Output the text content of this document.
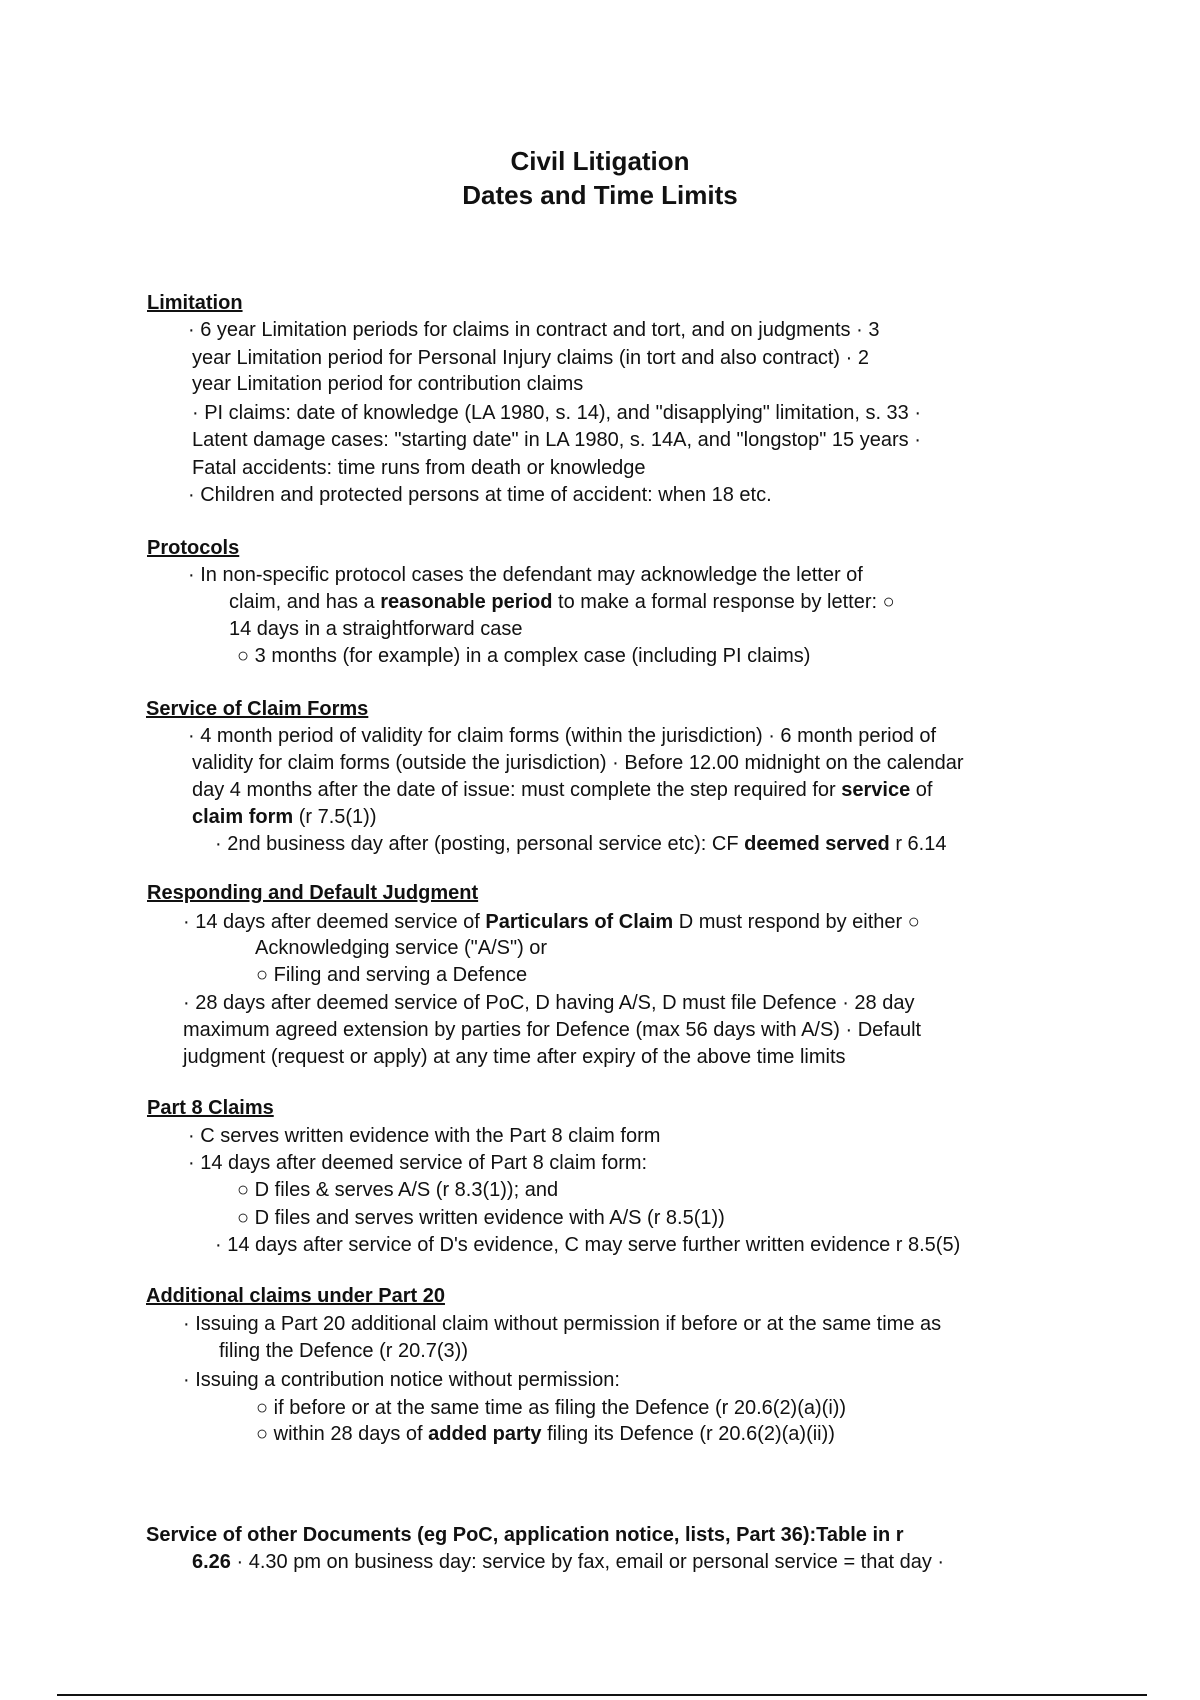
Civil Litigation
Dates and Time Limits
Limitation
· 6 year Limitation periods for claims in contract and tort, and on judgments · 3
year Limitation period for Personal Injury claims (in tort and also contract) · 2
year Limitation period for contribution claims
· PI claims: date of knowledge (LA 1980, s. 14), and "disapplying" limitation, s. 33 ·
Latent damage cases: "starting date" in LA 1980, s. 14A, and "longstop" 15 years ·
Fatal accidents: time runs from death or knowledge
· Children and protected persons at time of accident: when 18 etc.
Protocols
· In non-specific protocol cases the defendant may acknowledge the letter of
claim, and has a reasonable period to make a formal response by letter: ○
14 days in a straightforward case
○ 3 months (for example) in a complex case (including PI claims)
Service of Claim Forms
· 4 month period of validity for claim forms (within the jurisdiction) · 6 month period of
validity for claim forms (outside the jurisdiction) · Before 12.00 midnight on the calendar
day 4 months after the date of issue: must complete the step required for service of
claim form (r 7.5(1))
· 2nd business day after (posting, personal service etc): CF deemed served r 6.14
Responding and Default Judgment
· 14 days after deemed service of Particulars of Claim D must respond by either ○
Acknowledging service ("A/S") or
○ Filing and serving a Defence
· 28 days after deemed service of PoC, D having A/S, D must file Defence · 28 day
maximum agreed extension by parties for Defence (max 56 days with A/S) · Default
judgment (request or apply) at any time after expiry of the above time limits
Part 8 Claims
· C serves written evidence with the Part 8 claim form
· 14 days after deemed service of Part 8 claim form:
○ D files & serves A/S (r 8.3(1)); and
○ D files and serves written evidence with A/S (r 8.5(1))
· 14 days after service of D's evidence, C may serve further written evidence r 8.5(5)
Additional claims under Part 20
· Issuing a Part 20 additional claim without permission if before or at the same time as
filing the Defence (r 20.7(3))
· Issuing a contribution notice without permission:
○ if before or at the same time as filing the Defence (r 20.6(2)(a)(i))
○ within 28 days of added party filing its Defence (r 20.6(2)(a)(ii))
Service of other Documents (eg PoC, application notice, lists, Part 36):Table in r
6.26 · 4.30 pm on business day: service by fax, email or personal service = that day ·
